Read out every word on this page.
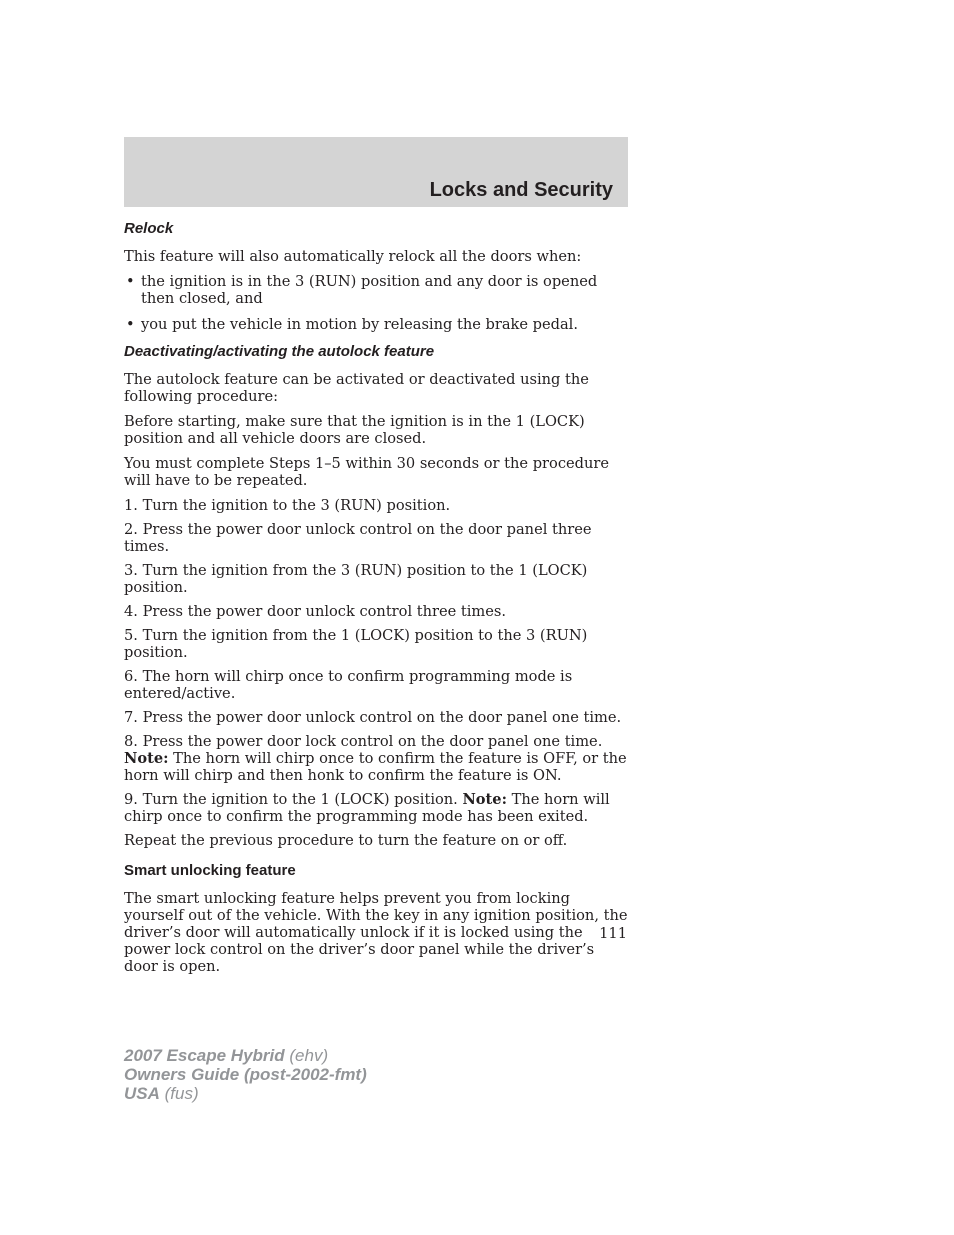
Locks and Security
Relock

This feature will also automatically relock all the doors when:

• the ignition is in the 3 (RUN) position and any door is opened then closed, and
• you put the vehicle in motion by releasing the brake pedal.
Deactivating/activating the autolock feature

The autolock feature can be activated or deactivated using the following procedure:

Before starting, make sure that the ignition is in the 1 (LOCK) position and all vehicle doors are closed.

You must complete Steps 1–5 within 30 seconds or the procedure will have to be repeated.

1. Turn the ignition to the 3 (RUN) position.
2. Press the power door unlock control on the door panel three times.
3. Turn the ignition from the 3 (RUN) position to the 1 (LOCK) position.
4. Press the power door unlock control three times.
5. Turn the ignition from the 1 (LOCK) position to the 3 (RUN) position.
6. The horn will chirp once to confirm programming mode is entered/active.
7. Press the power door unlock control on the door panel one time.
8. Press the power door lock control on the door panel one time. Note: The horn will chirp once to confirm the feature is OFF, or the horn will chirp and then honk to confirm the feature is ON.
9. Turn the ignition to the 1 (LOCK) position. Note: The horn will chirp once to confirm the programming mode has been exited.

Repeat the previous procedure to turn the feature on or off.

Smart unlocking feature

The smart unlocking feature helps prevent you from locking yourself out of the vehicle. With the key in any ignition position, the driver’s door will automatically unlock if it is locked using the power lock control on the driver’s door panel while the driver’s door is open.

111
2007 Escape Hybrid (ehv)
Owners Guide (post-2002-fmt)
USA (fus)
